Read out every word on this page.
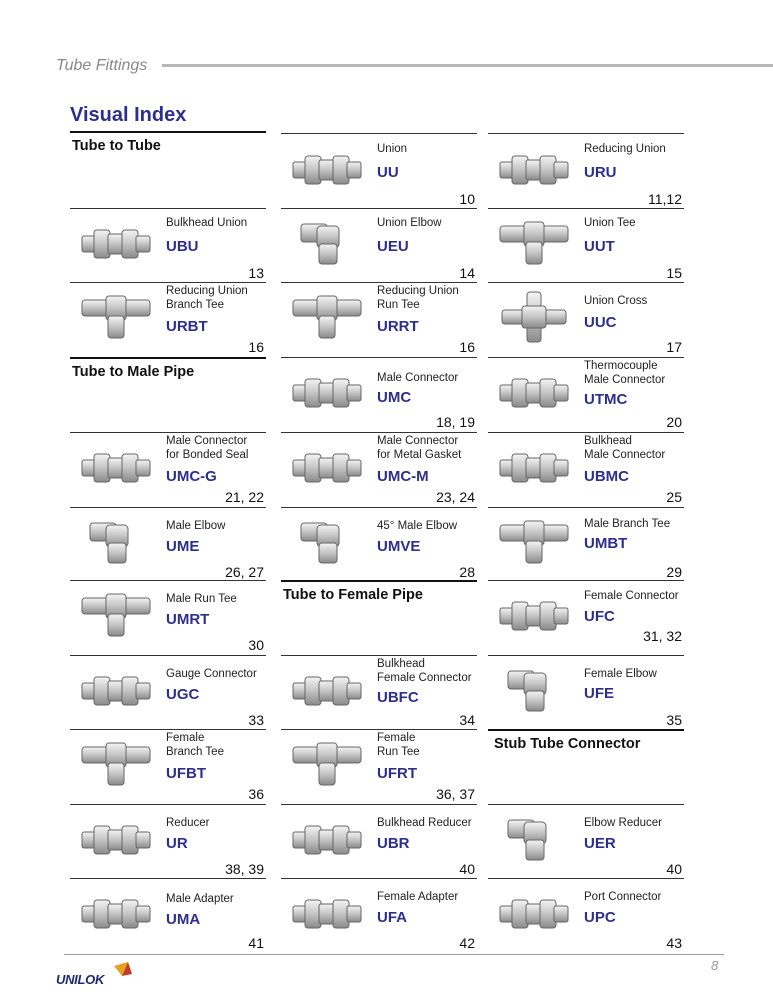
Tube Fittings
Visual Index
Tube to Tube
Tube to Male Pipe
Tube to Female Pipe
Stub Tube Connector
Union
UU
10
Reducing Union
URU
11,12
Bulkhead Union
UBU
13
Union Elbow
UEU
14
Union Tee
UUT
15
Reducing Union
Branch Tee
URBT
16
Reducing Union
Run Tee
URRT
16
Union Cross
UUC
17
Male Connector
UMC
18, 19
Thermocouple
Male Connector
UTMC
20
Male Connector
for Bonded Seal
UMC-G
21, 22
Male Connector
for Metal Gasket
UMC-M
23, 24
Bulkhead
Male Connector
UBMC
25
Male Elbow
UME
26, 27
45° Male Elbow
UMVE
28
Male Branch Tee
UMBT
29
Male Run Tee
UMRT
30
Female Connector
UFC
31, 32
Gauge Connector
UGC
33
Bulkhead
Female Connector
UBFC
34
Female Elbow
UFE
35
Female
Branch Tee
UFBT
36
Female
Run Tee
UFRT
36, 37
Reducer
UR
38, 39
Bulkhead Reducer
UBR
40
Elbow Reducer
UER
40
Male Adapter
UMA
41
Female Adapter
UFA
42
Port Connector
UPC
43
8
UNILOK
